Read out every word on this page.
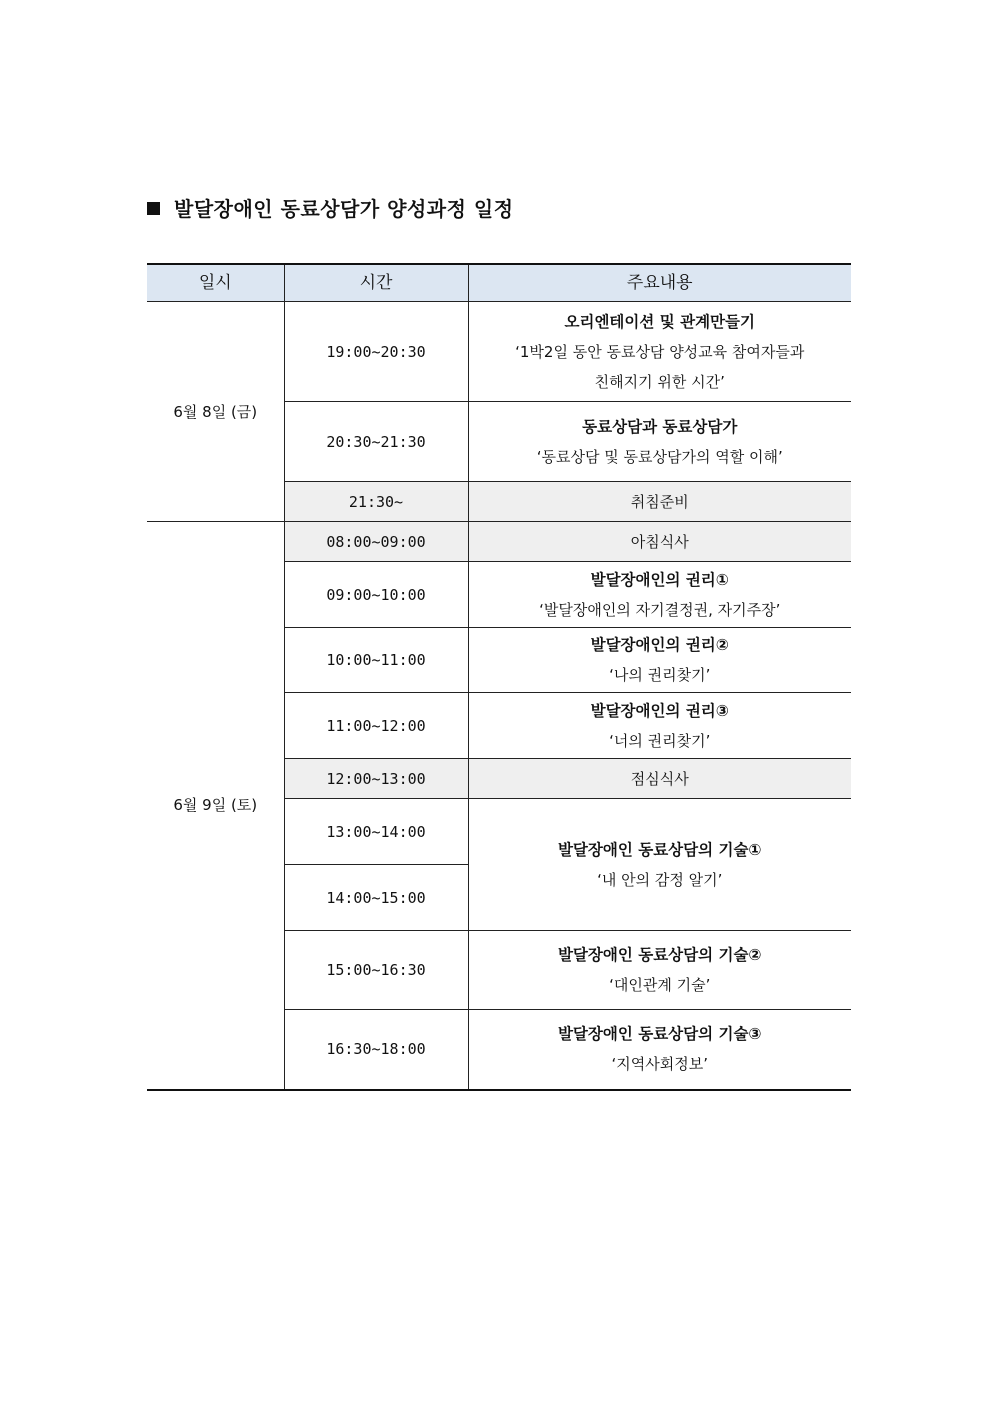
발달장애인 동료상담가 양성과정 일정
일시	시간	주요내용
6월 8일 (금)	19:00~20:30	오리엔테이션 및 관계만들기
‘1박2일 동안 동료상담 양성교육 참여자들과
친해지기 위한 시간’

	20:30~21:30	동료상담과 동료상담가
‘동료상담 및 동료상담가의 역할 이해’

	21:30~	취침준비
6월 9일 (토)	08:00~09:00	아침식사
	09:00~10:00	발달장애인의 권리①
‘발달장애인의 자기결정권, 자기주장’

	10:00~11:00	발달장애인의 권리②
‘나의 권리찾기’

	11:00~12:00	발달장애인의 권리③
‘너의 권리찾기’

	12:00~13:00	점심식사
	13:00~14:00	발달장애인 동료상담의 기술①
‘내 안의 감정 알기’

	14:00~15:00	
	15:00~16:30	발달장애인 동료상담의 기술②
‘대인관계 기술’

	16:30~18:00	발달장애인 동료상담의 기술③
‘지역사회정보’
